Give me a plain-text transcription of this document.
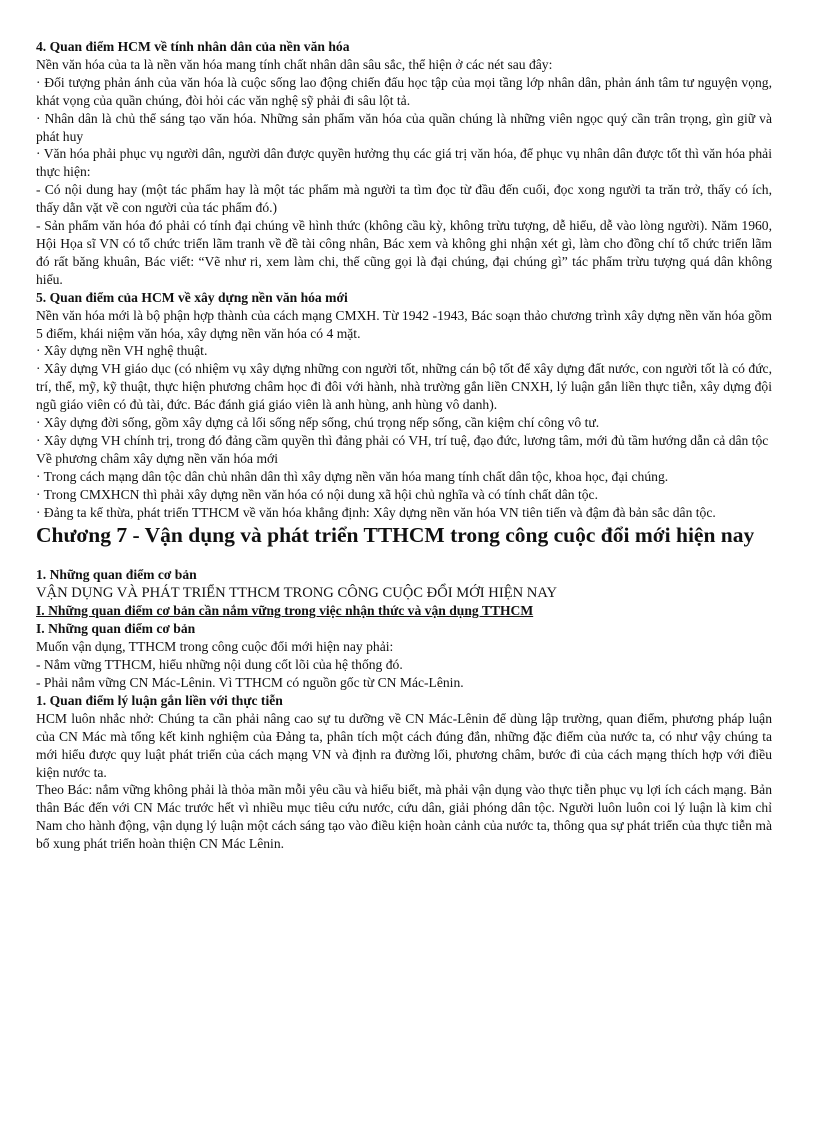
4. Quan điểm HCM về tính nhân dân của nền văn hóa

Nền văn hóa của ta là nền văn hóa mang tính chất nhân dân sâu sắc, thể hiện ở các nét sau đây:

· Đối tượng phản ánh của văn hóa là cuộc sống lao động chiến đấu học tập của mọi tầng lớp nhân dân, phản ánh tâm tư nguyện vọng, khát vọng của quần chúng, đòi hỏi các văn nghệ sỹ phải đi sâu lột tả.

· Nhân dân là chủ thể sáng tạo văn hóa. Những sản phẩm văn hóa của quần chúng là những viên ngọc quý cần trân trọng, gìn giữ và phát huy

· Văn hóa phải phục vụ người dân, người dân được quyền hưởng thụ các giá trị văn hóa, để phục vụ nhân dân được tốt thì văn hóa phải thực hiện:

- Có nội dung hay (một tác phẩm hay là một tác phẩm mà người ta tìm đọc từ đầu đến cuối, đọc xong người ta trăn trở, thấy có ích, thấy dằn vặt về con người của tác phẩm đó.)

- Sản phẩm văn hóa đó phải có tính đại chúng về hình thức (không cầu kỳ, không trừu tượng, dễ hiểu, dễ vào lòng người). Năm 1960, Hội Họa sĩ VN có tổ chức triển lãm tranh về đề tài công nhân, Bác xem và không ghi nhận xét gì, làm cho đồng chí tổ chức triển lãm đó rất băng khuân, Bác viết: “Vẽ như ri, xem làm chi, thế cũng gọi là đại chúng, đại chúng gì” tác phẩm trừu tượng quá dân không hiểu.

5. Quan điểm của HCM về xây dựng nền văn hóa mới

Nền văn hóa mới là bộ phận hợp thành của cách mạng CMXH. Từ 1942 -1943, Bác soạn thảo chương trình xây dựng nền văn hóa gồm 5 điểm, khái niệm văn hóa, xây dựng nền văn hóa có 4 mặt.

· Xây dựng nền VH nghệ thuật.

· Xây dựng VH giáo dục (có nhiệm vụ xây dựng những con người tốt, những cán bộ tốt để xây dựng đất nước, con người tốt là có đức, trí, thể, mỹ, kỹ thuật, thực hiện phương châm học đi đôi với hành, nhà trường gắn liền CNXH, lý luận gắn liền thực tiễn, xây dựng đội ngũ giáo viên có đủ tài, đức. Bác đánh giá giáo viên là anh hùng, anh hùng vô danh).

· Xây dựng đời sống, gồm xây dựng cả lối sống nếp sống, chú trọng nếp sống, cần kiệm chí công vô tư.

· Xây dựng VH chính trị, trong đó đảng cầm quyền thì đảng phải có VH, trí tuệ, đạo đức, lương tâm, mới đủ tầm hướng dẫn cả dân tộc

Về phương châm xây dựng nền văn hóa mới

· Trong cách mạng dân tộc dân chủ nhân dân thì xây dựng nền văn hóa mang tính chất dân tộc, khoa học, đại chúng.

· Trong CMXHCN thì phải xây dựng nền văn hóa có nội dung xã hội chủ nghĩa và có tính chất dân tộc.

· Đảng ta kế thừa, phát triển TTHCM về văn hóa khẳng định: Xây dựng nền văn hóa VN tiên tiến và đậm đà bản sắc dân tộc.

Chương 7 - Vận dụng và phát triển TTHCM trong công cuộc đổi mới hiện nay

1. Những quan điểm cơ bản

VẬN DỤNG VÀ PHÁT TRIỂN TTHCM TRONG CÔNG CUỘC ĐỔI MỚI HIỆN NAY

I. Những quan điểm cơ bản cần nắm vững trong việc nhận thức và vận dụng TTHCM

I. Những quan điểm cơ bản

Muốn vận dụng, TTHCM trong công cuộc đổi mới hiện nay phải:

- Nắm vững TTHCM, hiểu những nội dung cốt lõi của hệ thống đó.

- Phải nắm vững CN Mác-Lênin. Vì TTHCM có nguồn gốc từ CN Mác-Lênin.

1. Quan điểm lý luận gắn liền với thực tiễn

HCM luôn nhắc nhở: Chúng ta cần phải nâng cao sự tu dưỡng về CN Mác-Lênin để dùng lập trường, quan điểm, phương pháp luận của CN Mác mà tổng kết kinh nghiệm của Đảng ta, phân tích một cách đúng đắn, những đặc điểm của nước ta, có như vậy chúng ta mới hiểu được quy luật phát triển của cách mạng VN và định ra đường lối, phương châm, bước đi của cách mạng thích hợp với điều kiện nước ta.

Theo Bác: nắm vững không phải là thỏa mãn mỗi yêu cầu và hiểu biết, mà phải vận dụng vào thực tiễn phục vụ lợi ích cách mạng. Bản thân Bác đến với CN Mác trước hết vì nhiều mục tiêu cứu nước, cứu dân, giải phóng dân tộc. Người luôn luôn coi lý luận là kim chỉ Nam cho hành động, vận dụng lý luận một cách sáng tạo vào điều kiện hoàn cảnh của nước ta, thông qua sự phát triển của thực tiễn mà bổ xung phát triển hoàn thiện CN Mác Lênin.
